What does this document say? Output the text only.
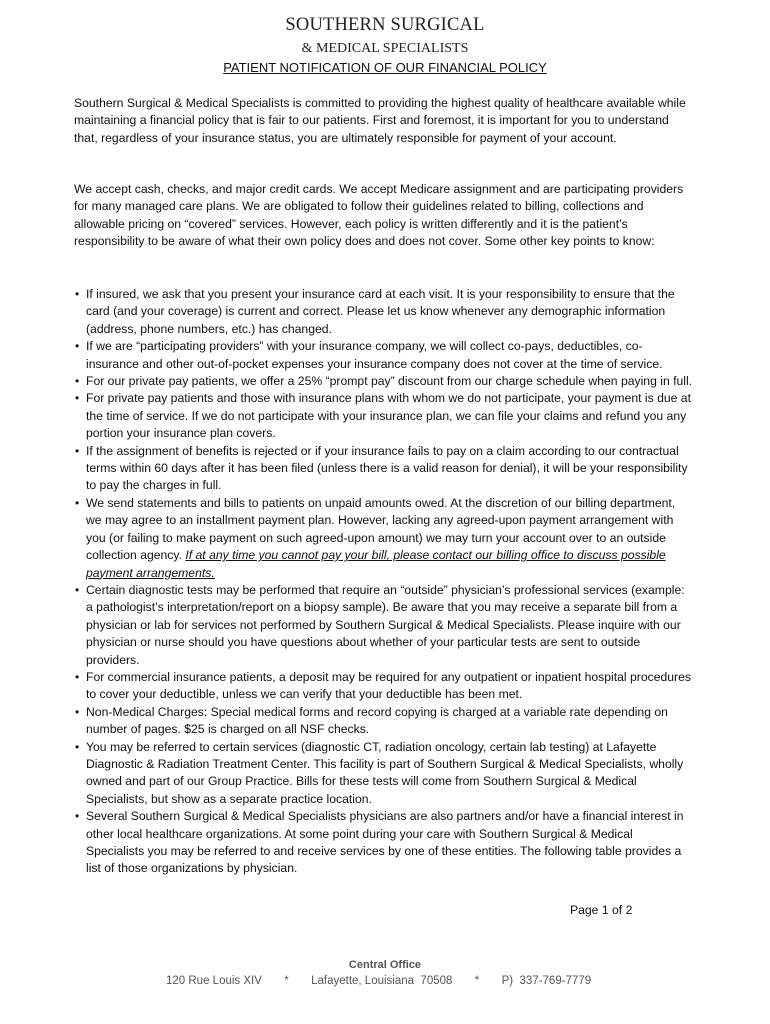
SOUTHERN SURGICAL
& MEDICAL SPECIALISTS
PATIENT NOTIFICATION OF OUR FINANCIAL POLICY

Southern Surgical & Medical Specialists is committed to providing the highest quality of healthcare available while maintaining a financial policy that is fair to our patients. First and foremost, it is important for you to understand that, regardless of your insurance status, you are ultimately responsible for payment of your account.

We accept cash, checks, and major credit cards. We accept Medicare assignment and are participating providers for many managed care plans. We are obligated to follow their guidelines related to billing, collections and allowable pricing on “covered” services. However, each policy is written differently and it is the patient’s responsibility to be aware of what their own policy does and does not cover. Some other key points to know:

• If insured, we ask that you present your insurance card at each visit. It is your responsibility to ensure that the card (and your coverage) is current and correct. Please let us know whenever any demographic information (address, phone numbers, etc.) has changed.
• If we are “participating providers” with your insurance company, we will collect co-pays, deductibles, co-insurance and other out-of-pocket expenses your insurance company does not cover at the time of service.
• For our private pay patients, we offer a 25% “prompt pay” discount from our charge schedule when paying in full.
• For private pay patients and those with insurance plans with whom we do not participate, your payment is due at the time of service. If we do not participate with your insurance plan, we can file your claims and refund you any portion your insurance plan covers.
• If the assignment of benefits is rejected or if your insurance fails to pay on a claim according to our contractual terms within 60 days after it has been filed (unless there is a valid reason for denial), it will be your responsibility to pay the charges in full.
• We send statements and bills to patients on unpaid amounts owed. At the discretion of our billing department, we may agree to an installment payment plan. However, lacking any agreed-upon payment arrangement with you (or failing to make payment on such agreed-upon amount) we may turn your account over to an outside collection agency. If at any time you cannot pay your bill, please contact our billing office to discuss possible payment arrangements.
• Certain diagnostic tests may be performed that require an “outside” physician’s professional services (example: a pathologist’s interpretation/report on a biopsy sample). Be aware that you may receive a separate bill from a physician or lab for services not performed by Southern Surgical & Medical Specialists. Please inquire with our physician or nurse should you have questions about whether of your particular tests are sent to outside providers.
• For commercial insurance patients, a deposit may be required for any outpatient or inpatient hospital procedures to cover your deductible, unless we can verify that your deductible has been met.
• Non-Medical Charges: Special medical forms and record copying is charged at a variable rate depending on number of pages. $25 is charged on all NSF checks.
• You may be referred to certain services (diagnostic CT, radiation oncology, certain lab testing) at Lafayette Diagnostic & Radiation Treatment Center. This facility is part of Southern Surgical & Medical Specialists, wholly owned and part of our Group Practice. Bills for these tests will come from Southern Surgical & Medical Specialists, but show as a separate practice location.
• Several Southern Surgical & Medical Specialists physicians are also partners and/or have a financial interest in other local healthcare organizations. At some point during your care with Southern Surgical & Medical Specialists you may be referred to and receive services by one of these entities. The following table provides a list of those organizations by physician.
Page 1 of 2
Central Office
120 Rue Louis XIV       *       Lafayette, Louisiana  70508       *       P)  337-769-7779
